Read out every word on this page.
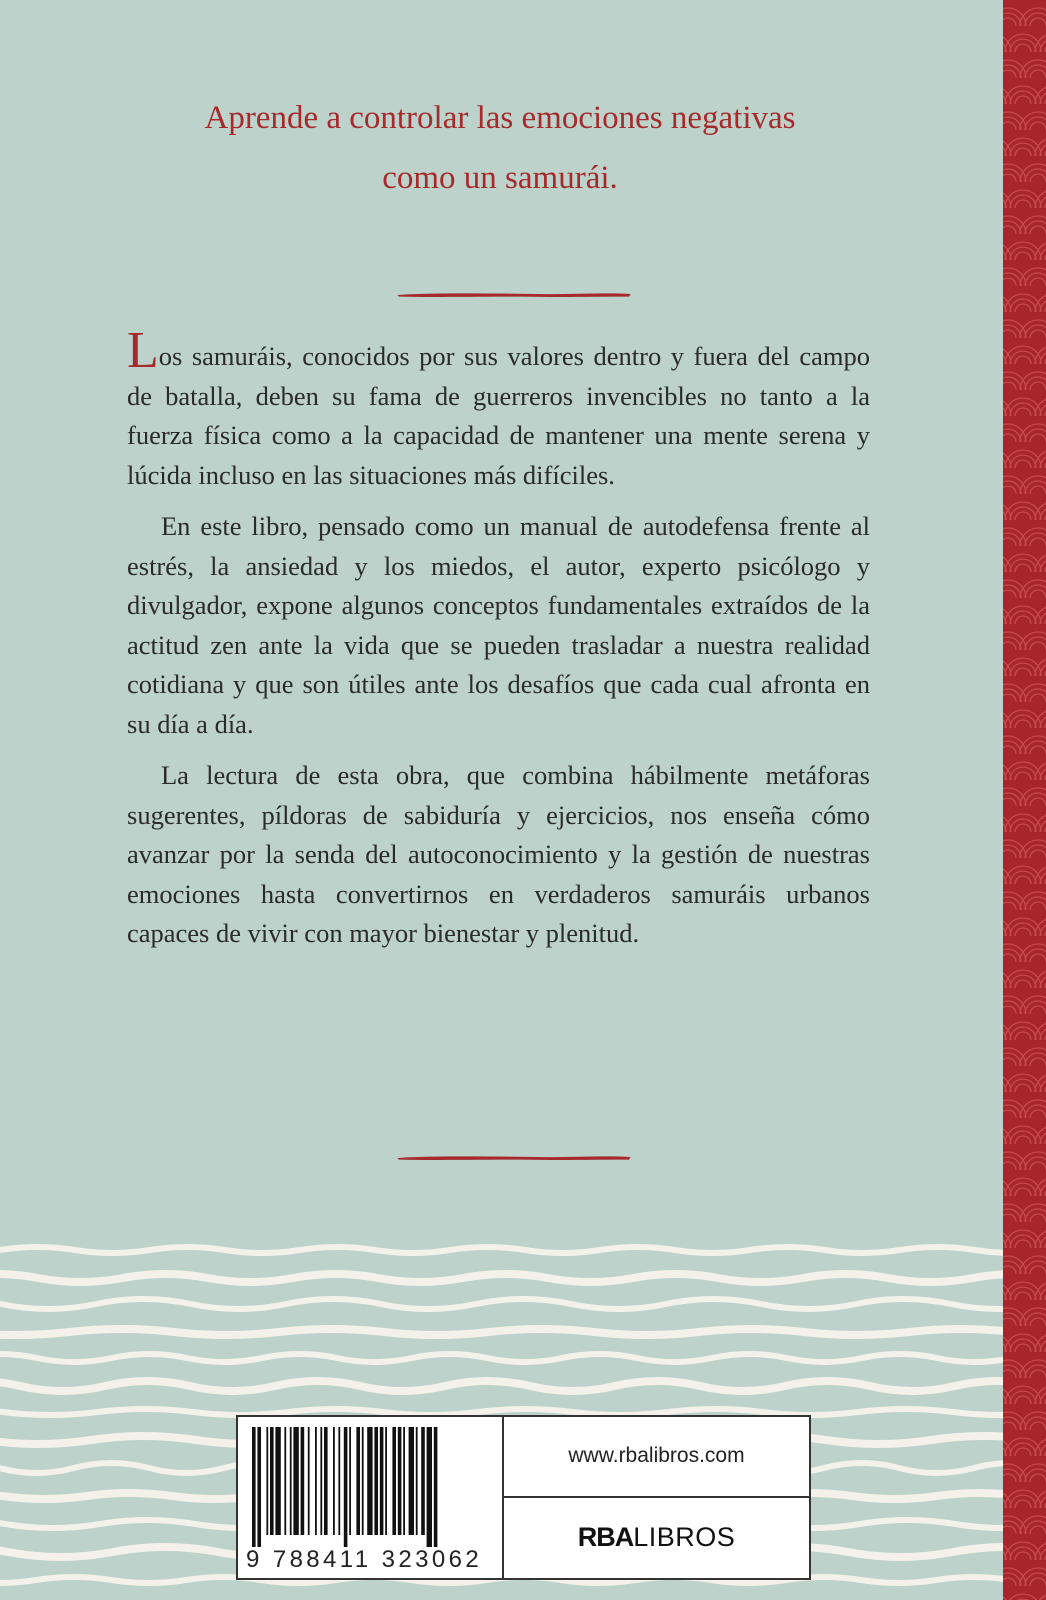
Aprende a controlar las emociones negativas
como un samurái.

Los samuráis, conocidos por sus valores dentro y fuera del campo de batalla, deben su fama de guerreros invencibles no tanto a la fuerza física como a la capacidad de mantener una mente serena y lúcida incluso en las situaciones más difíciles.

En este libro, pensado como un manual de autodefensa frente al estrés, la ansiedad y los miedos, el autor, experto psicólogo y divulgador, expone algunos conceptos fundamentales extraídos de la actitud zen ante la vida que se pueden trasladar a nuestra realidad cotidiana y que son útiles ante los desafíos que cada cual afronta en su día a día.

La lectura de esta obra, que combina hábilmente metáforas sugerentes, píldoras de sabiduría y ejercicios, nos enseña cómo avanzar por la senda del autoconocimiento y la gestión de nuestras emociones hasta convertirnos en verdaderos samuráis urbanos capaces de vivir con mayor bienestar y plenitud.

9 788411 323062
www.rbalibros.com
RBA LIBROS
